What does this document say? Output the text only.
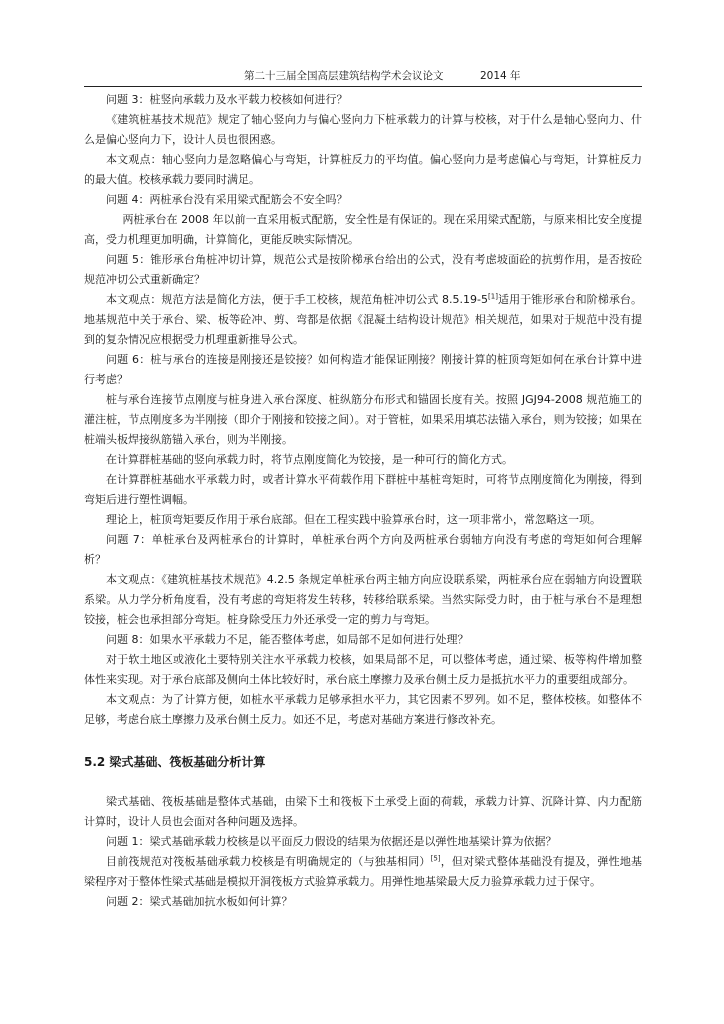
第二十三届全国高层建筑结构学术会议论文	2014 年

问题 3：桩竖向承载力及水平载力校核如何进行？

《建筑桩基技术规范》规定了轴心竖向力与偏心竖向力下桩承载力的计算与校核，对于什么是轴心竖向力、什么是偏心竖向力下，设计人员也很困惑。

本文观点：轴心竖向力是忽略偏心与弯矩，计算桩反力的平均值。偏心竖向力是考虑偏心与弯矩，计算桩反力的最大值。校核承载力要同时满足。

问题 4：两桩承台没有采用梁式配筋会不安全吗？

两桩承台在 2008 年以前一直采用板式配筋，安全性是有保证的。现在采用梁式配筋，与原来相比安全度提高，受力机理更加明确，计算简化，更能反映实际情况。

问题 5：锥形承台角桩冲切计算，规范公式是按阶梯承台给出的公式，没有考虑坡面砼的抗剪作用，是否按砼规范冲切公式重新确定？

本文观点：规范方法是简化方法，便于手工校核，规范角桩冲切公式 8.5.19-5[1]适用于锥形承台和阶梯承台。地基规范中关于承台、梁、板等砼冲、剪、弯都是依据《混凝土结构设计规范》相关规范，如果对于规范中没有提到的复杂情况应根据受力机理重新推导公式。

问题 6：桩与承台的连接是刚接还是铰接？如何构造才能保证刚接？刚接计算的桩顶弯矩如何在承台计算中进行考虑？

桩与承台连接节点刚度与桩身进入承台深度、桩纵筋分布形式和锚固长度有关。按照 JGJ94-2008 规范施工的灌注桩，节点刚度多为半刚接（即介于刚接和铰接之间）。对于管桩，如果采用填芯法锚入承台，则为铰接；如果在桩端头板焊接纵筋锚入承台，则为半刚接。

在计算群桩基础的竖向承载力时，将节点刚度简化为铰接，是一种可行的简化方式。

在计算群桩基础水平承载力时，或者计算水平荷载作用下群桩中基桩弯矩时，可将节点刚度简化为刚接，得到弯矩后进行塑性调幅。

理论上，桩顶弯矩要反作用于承台底部。但在工程实践中验算承台时，这一项非常小，常忽略这一项。

问题 7：单桩承台及两桩承台的计算时，单桩承台两个方向及两桩承台弱轴方向没有考虑的弯矩如何合理解析？

本文观点：《建筑桩基技术规范》4.2.5 条规定单桩承台两主轴方向应设联系梁，两桩承台应在弱轴方向设置联系梁。从力学分析角度看，没有考虑的弯矩将发生转移，转移给联系梁。当然实际受力时，由于桩与承台不是理想铰接，桩会也承担部分弯矩。桩身除受压力外还承受一定的剪力与弯矩。

问题 8：如果水平承载力不足，能否整体考虑，如局部不足如何进行处理？

对于软土地区或液化土要特别关注水平承载力校核，如果局部不足，可以整体考虑，通过梁、板等构件增加整体性来实现。对于承台底部及侧向土体比较好时，承台底土摩擦力及承台侧土反力是抵抗水平力的重要组成部分。

本文观点：为了计算方便，如桩水平承载力足够承担水平力，其它因素不罗列。如不足，整体校核。如整体不足够，考虑台底土摩擦力及承台侧土反力。如还不足，考虑对基础方案进行修改补充。

5.2 梁式基础、筏板基础分析计算

梁式基础、筏板基础是整体式基础，由梁下土和筏板下土承受上面的荷载，承载力计算、沉降计算、内力配筋计算时，设计人员也会面对各种问题及选择。

问题 1：梁式基础承载力校核是以平面反力假设的结果为依据还是以弹性地基梁计算为依据？

目前筏规范对筏板基础承载力校核是有明确规定的（与独基相同）[5]，但对梁式整体基础没有提及，弹性地基梁程序对于整体性梁式基础是模拟开洞筏板方式验算承载力。用弹性地基梁最大反力验算承载力过于保守。

问题 2：梁式基础加抗水板如何计算？
